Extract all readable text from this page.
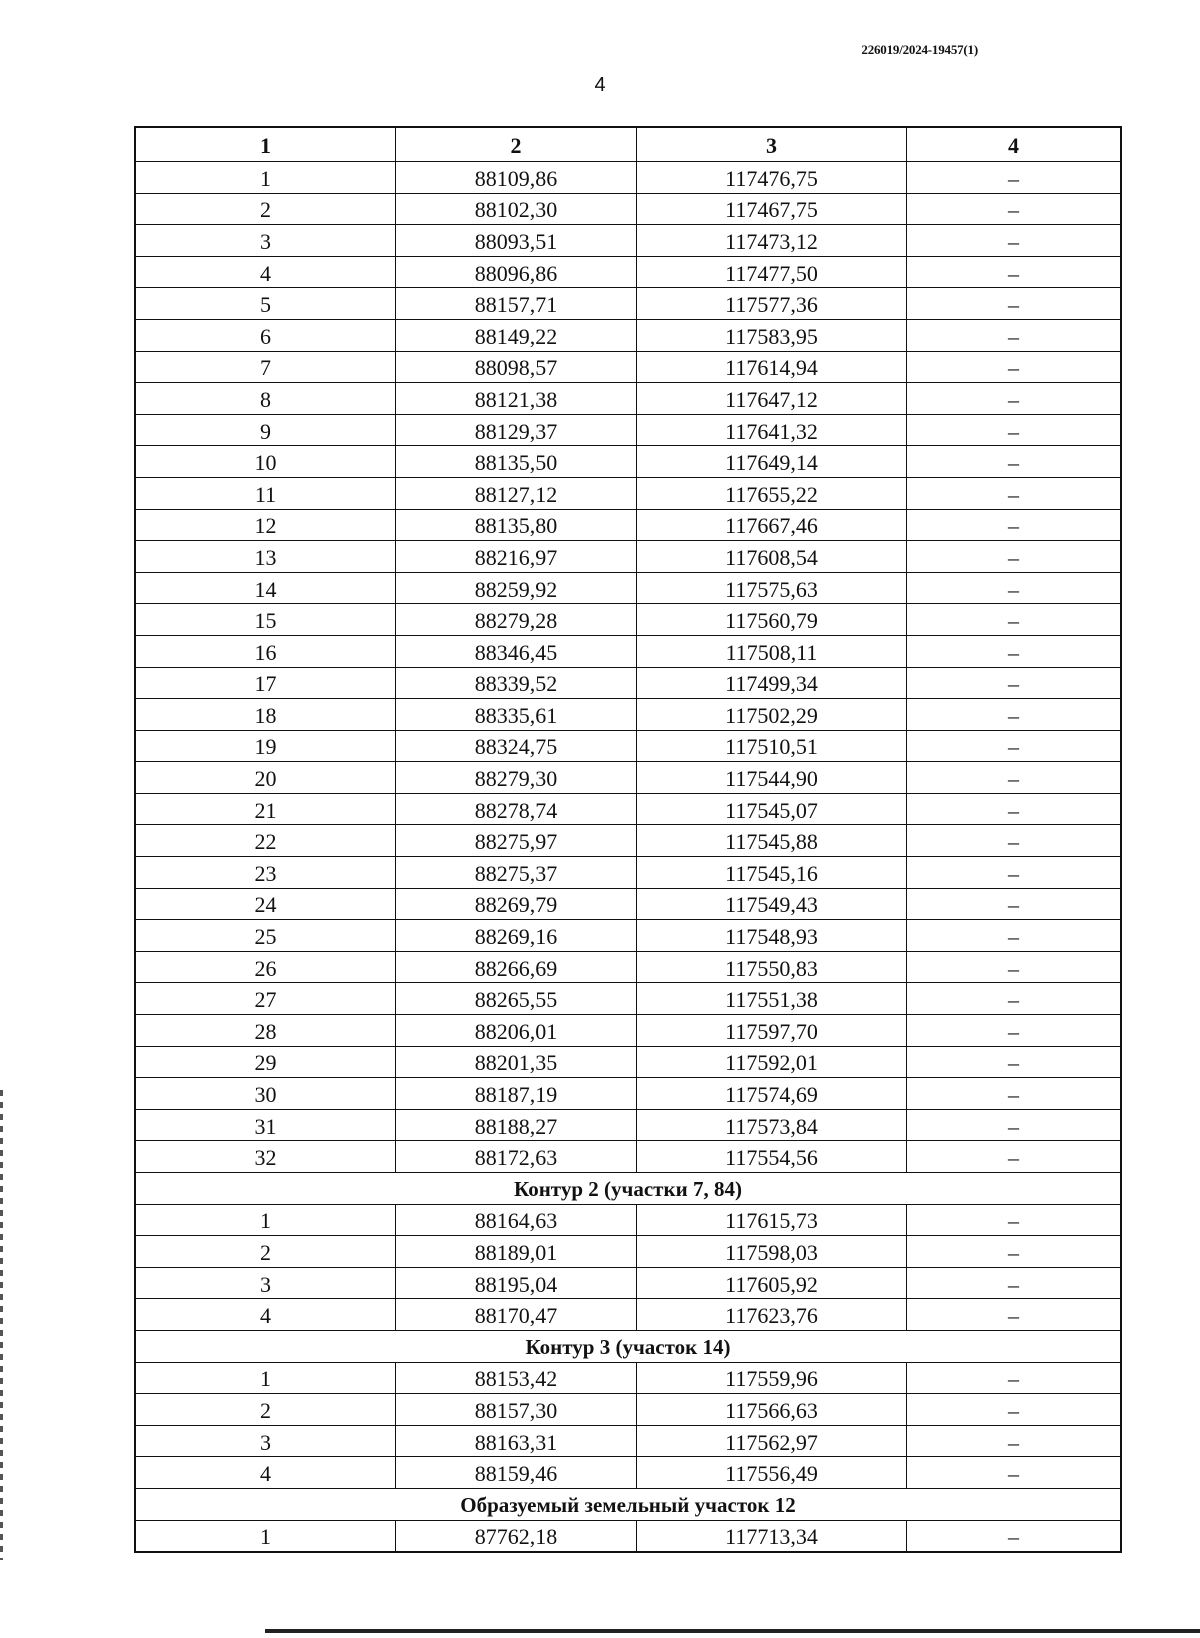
226019/2024-19457(1)
4
1	2	3	4
1	88109,86	117476,75	–
2	88102,30	117467,75	–
3	88093,51	117473,12	–
4	88096,86	117477,50	–
5	88157,71	117577,36	–
6	88149,22	117583,95	–
7	88098,57	117614,94	–
8	88121,38	117647,12	–
9	88129,37	117641,32	–
10	88135,50	117649,14	–
11	88127,12	117655,22	–
12	88135,80	117667,46	–
13	88216,97	117608,54	–
14	88259,92	117575,63	–
15	88279,28	117560,79	–
16	88346,45	117508,11	–
17	88339,52	117499,34	–
18	88335,61	117502,29	–
19	88324,75	117510,51	–
20	88279,30	117544,90	–
21	88278,74	117545,07	–
22	88275,97	117545,88	–
23	88275,37	117545,16	–
24	88269,79	117549,43	–
25	88269,16	117548,93	–
26	88266,69	117550,83	–
27	88265,55	117551,38	–
28	88206,01	117597,70	–
29	88201,35	117592,01	–
30	88187,19	117574,69	–
31	88188,27	117573,84	–
32	88172,63	117554,56	–
Контур 2 (участки 7, 84)
1	88164,63	117615,73	–
2	88189,01	117598,03	–
3	88195,04	117605,92	–
4	88170,47	117623,76	–
Контур 3 (участок 14)
1	88153,42	117559,96	–
2	88157,30	117566,63	–
3	88163,31	117562,97	–
4	88159,46	117556,49	–
Образуемый земельный участок 12
1	87762,18	117713,34	–
